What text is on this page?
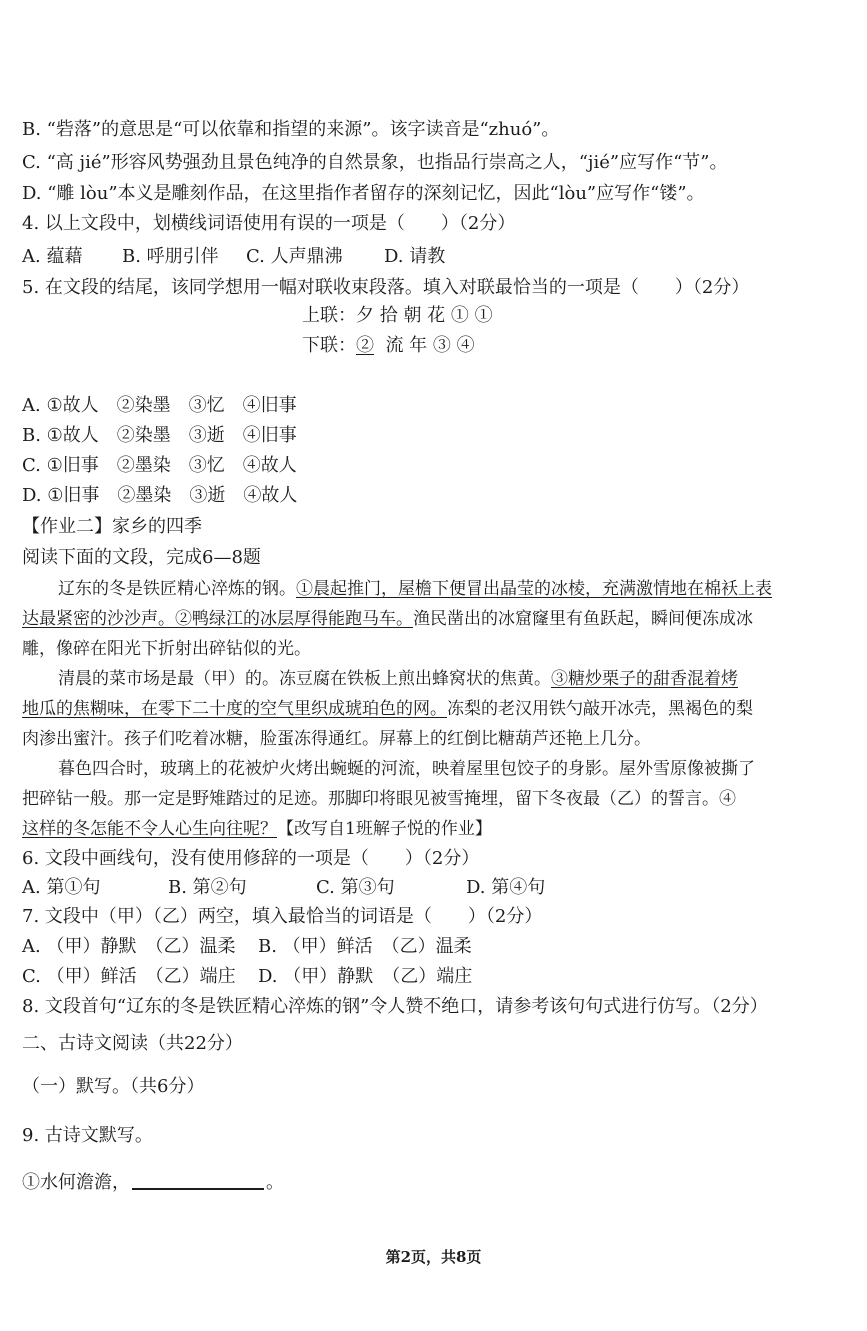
B. “砦落”的意思是“可以依靠和指望的来源”。该字读音是“zhuó”。
C. “高 jié”形容风势强劲且景色纯净的自然景象，也指品行崇高之人，“jié”应写作“节”。
D. “雕 lòu”本义是雕刻作品，在这里指作者留存的深刻记忆，因此“lòu”应写作“镂”。
4. 以上文段中，划横线词语使用有误的一项是（　　）（2分）
A. 蕴藉 B. 呼朋引伴 C. 人声鼎沸 D. 请教
5. 在文段的结尾，该同学想用一幅对联收束段落。填入对联最恰当的一项是（　　）（2分）
上联：夕 拾 朝 花 ① ①
下联：② 流 年 ③ ④
A. ①故人　②染墨　③忆　④旧事
B. ①故人　②染墨　③逝　④旧事
C. ①旧事　②墨染　③忆　④故人
D. ①旧事　②墨染　③逝　④故人
【作业二】家乡的四季
阅读下面的文段，完成6—8题
辽东的冬是铁匠精心淬炼的钢。①晨起推门，屋檐下便冒出晶莹的冰棱，充满激情地在棉袄上表
达最紧密的沙沙声。②鸭绿江的冰层厚得能跑马车。渔民凿出的冰窟窿里有鱼跃起，瞬间便冻成冰
雕，像碎在阳光下折射出碎钻似的光。
清晨的菜市场是最（甲）的。冻豆腐在铁板上煎出蜂窝状的焦黄。③糖炒栗子的甜香混着烤
地瓜的焦糊味，在零下二十度的空气里织成琥珀色的网。冻梨的老汉用铁勺敲开冰壳，黑褐色的梨
肉渗出蜜汁。孩子们吃着冰糖，脸蛋冻得通红。屏幕上的红倒比糖葫芦还艳上几分。
暮色四合时，玻璃上的花被炉火烤出蜿蜒的河流，映着屋里包饺子的身影。屋外雪原像被撕了
把碎钻一般。那一定是野雉踏过的足迹。那脚印将眼见被雪掩埋，留下冬夜最（乙）的誓言。④
这样的冬怎能不令人心生向往呢？【改写自1班解子悦的作业】
6. 文段中画线句，没有使用修辞的一项是（　　）（2分）
A. 第①句	B. 第②句	C. 第③句	D. 第④句
7. 文段中（甲）（乙）两空，填入最恰当的词语是（　　）（2分）
A. （甲）静默　（乙）温柔 B. （甲）鲜活　（乙）温柔
C. （甲）鲜活　（乙）端庄 D. （甲）静默　（乙）端庄
8. 文段首句“辽东的冬是铁匠精心淬炼的钢”令人赞不绝口，请参考该句句式进行仿写。（2分）
二、古诗文阅读（共22分）
（一）默写。（共6分）
9. 古诗文默写。
①水何澹澹，	。
第2页，共8页
